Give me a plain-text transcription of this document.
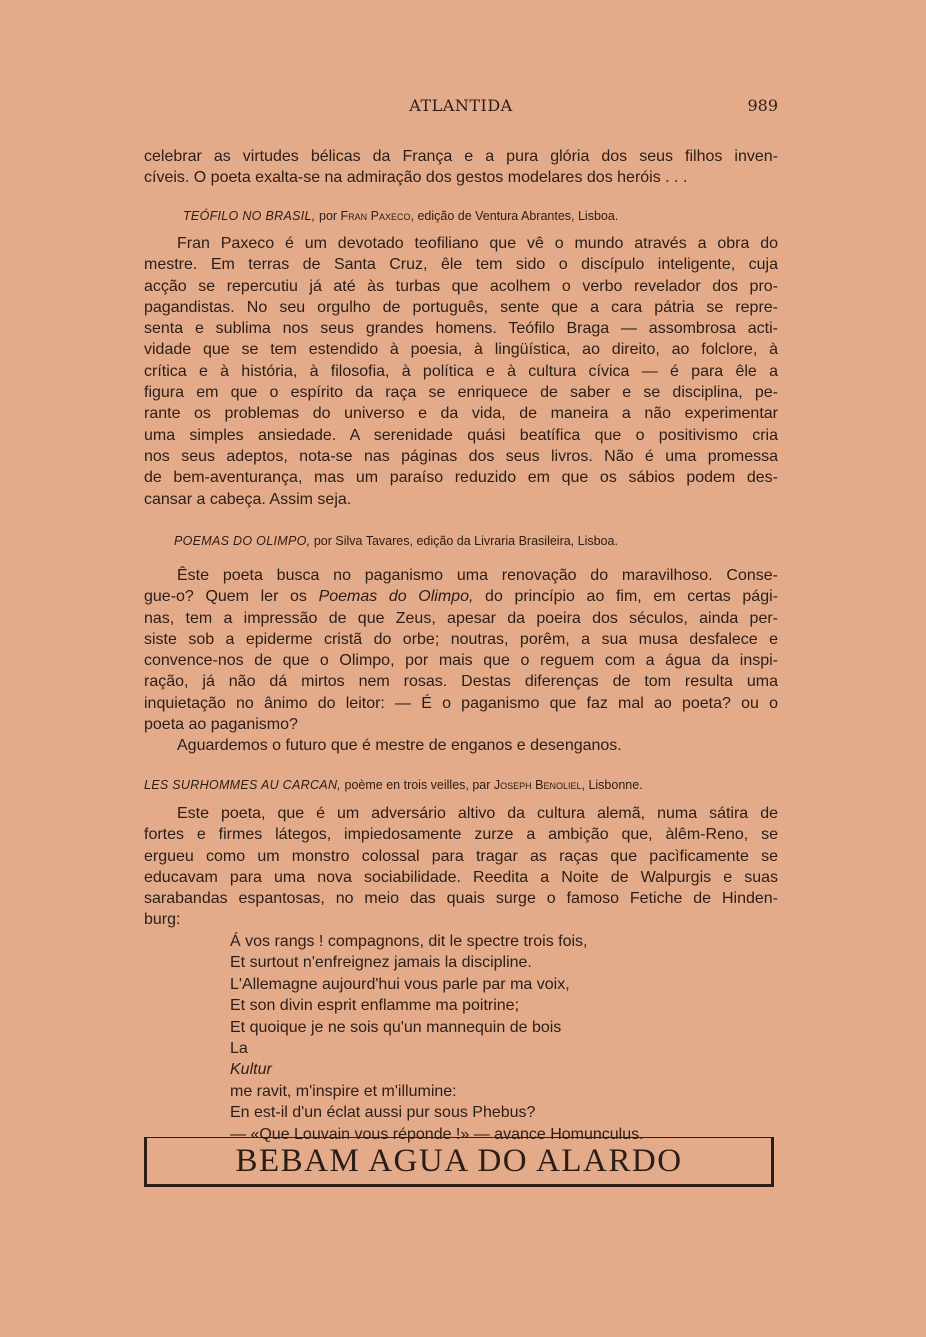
ATLANTIDA	989

celebrar as virtudes bélicas da França e a pura glória dos seus filhos inven-
cíveis. O poeta exalta-se na admiração dos gestos modelares dos heróis . . .

TEÓFILO NO BRASIL, por Fran Paxeco, edição de Ventura Abrantes, Lisboa.

Fran Paxeco é um devotado teofiliano que vê o mundo através a obra do
mestre. Em terras de Santa Cruz, êle tem sido o discípulo inteligente, cuja
acção se repercutiu já até às turbas que acolhem o verbo revelador dos pro-
pagandistas. No seu orgulho de português, sente que a cara pátria se repre-
senta e sublima nos seus grandes homens. Teófilo Braga — assombrosa acti-
vidade que se tem estendido à poesia, à lingüística, ao direito, ao folclore, à
crítica e à história, à filosofia, à política e à cultura cívica — é para êle a
figura em que o espírito da raça se enriquece de saber e se disciplina, pe-
rante os problemas do universo e da vida, de maneira a não experimentar
uma simples ansiedade. A serenidade quási beatífica que o positivismo cria
nos seus adeptos, nota-se nas páginas dos seus livros. Não é uma promessa
de bem-aventurança, mas um paraíso reduzido em que os sábios podem des-
cansar a cabeça. Assim seja.

POEMAS DO OLIMPO, por Silva Tavares, edição da Livraria Brasileira, Lisboa.

Êste poeta busca no paganismo uma renovação do maravilhoso. Conse-
gue-o? Quem ler os Poemas do Olimpo, do princípio ao fim, em certas pági-
nas, tem a impressão de que Zeus, apesar da poeira dos séculos, ainda per-
siste sob a epiderme cristã do orbe; noutras, porêm, a sua musa desfalece e
convence-nos de que o Olimpo, por mais que o reguem com a água da inspi-
ração, já não dá mirtos nem rosas. Destas diferenças de tom resulta uma
inquietação no ânimo do leitor: — É o paganismo que faz mal ao poeta? ou o
poeta ao paganismo?
Aguardemos o futuro que é mestre de enganos e desenganos.

LES SURHOMMES AU CARCAN, poème en trois veilles, par Joseph Benoliel, Lisbonne.

Este poeta, que é um adversário altivo da cultura alemã, numa sátira de
fortes e firmes látegos, impiedosamente zurze a ambição que, àlêm-Reno, se
ergueu como um monstro colossal para tragar as raças que pacìficamente se
educavam para uma nova sociabilidade. Reedita a Noite de Walpurgis e suas
sarabandas espantosas, no meio das quais surge o famoso Fetiche de Hinden-
burg:

Á vos rangs ! compagnons, dit le spectre trois fois,
Et surtout n'enfreignez jamais la discipline.
L'Allemagne aujourd'hui vous parle par ma voix,
Et son divin esprit enflamme ma poitrine;
Et quoique je ne sois qu'un mannequin de bois
La
Kultur
me ravit, m'inspire et m'illumine:
En est-il d'un éclat aussi pur sous Phebus?
— «Que Louvain vous réponde !» — avance Homunculus.
BEBAM AGUA DO ALARDO
